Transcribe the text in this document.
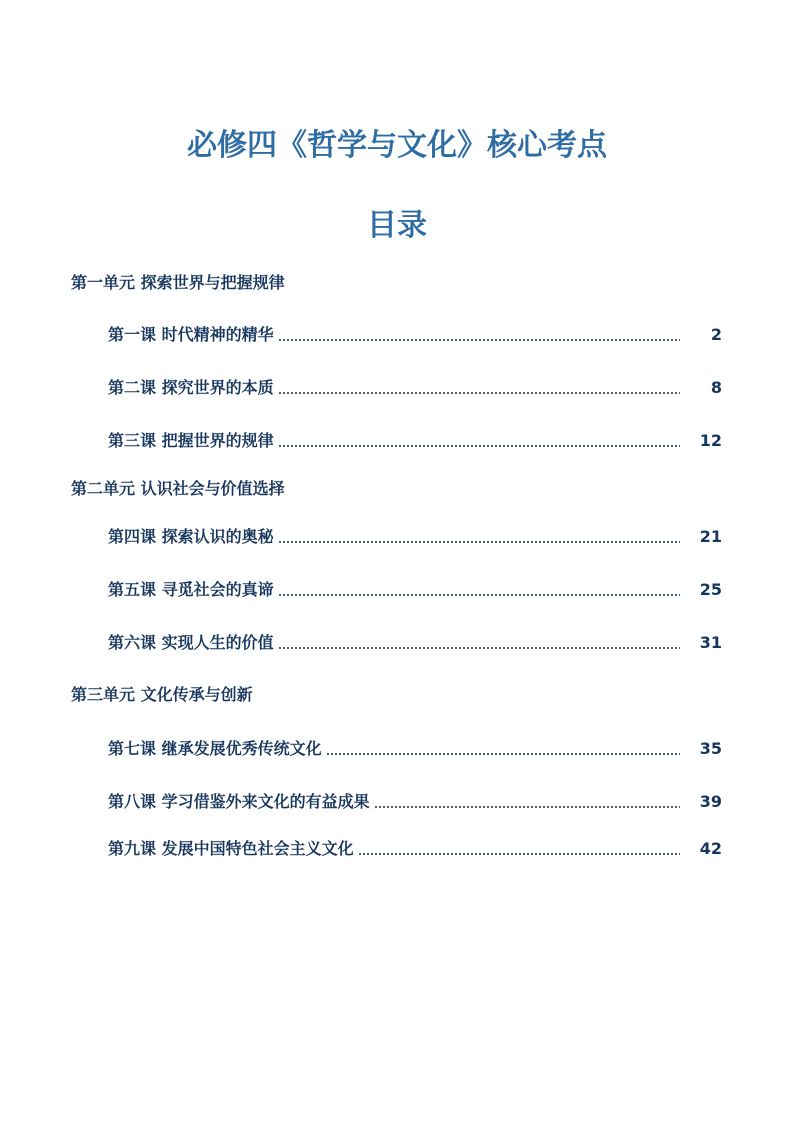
必修四《哲学与文化》核心考点
目录
第一单元 探索世界与把握规律
第一课 时代精神的精华	2
第二课 探究世界的本质	8
第三课 把握世界的规律	12
第二单元 认识社会与价值选择
第四课 探索认识的奥秘	21
第五课 寻觅社会的真谛	25
第六课 实现人生的价值	31
第三单元 文化传承与创新
第七课 继承发展优秀传统文化	35
第八课 学习借鉴外来文化的有益成果	39
第九课 发展中国特色社会主义文化	42
